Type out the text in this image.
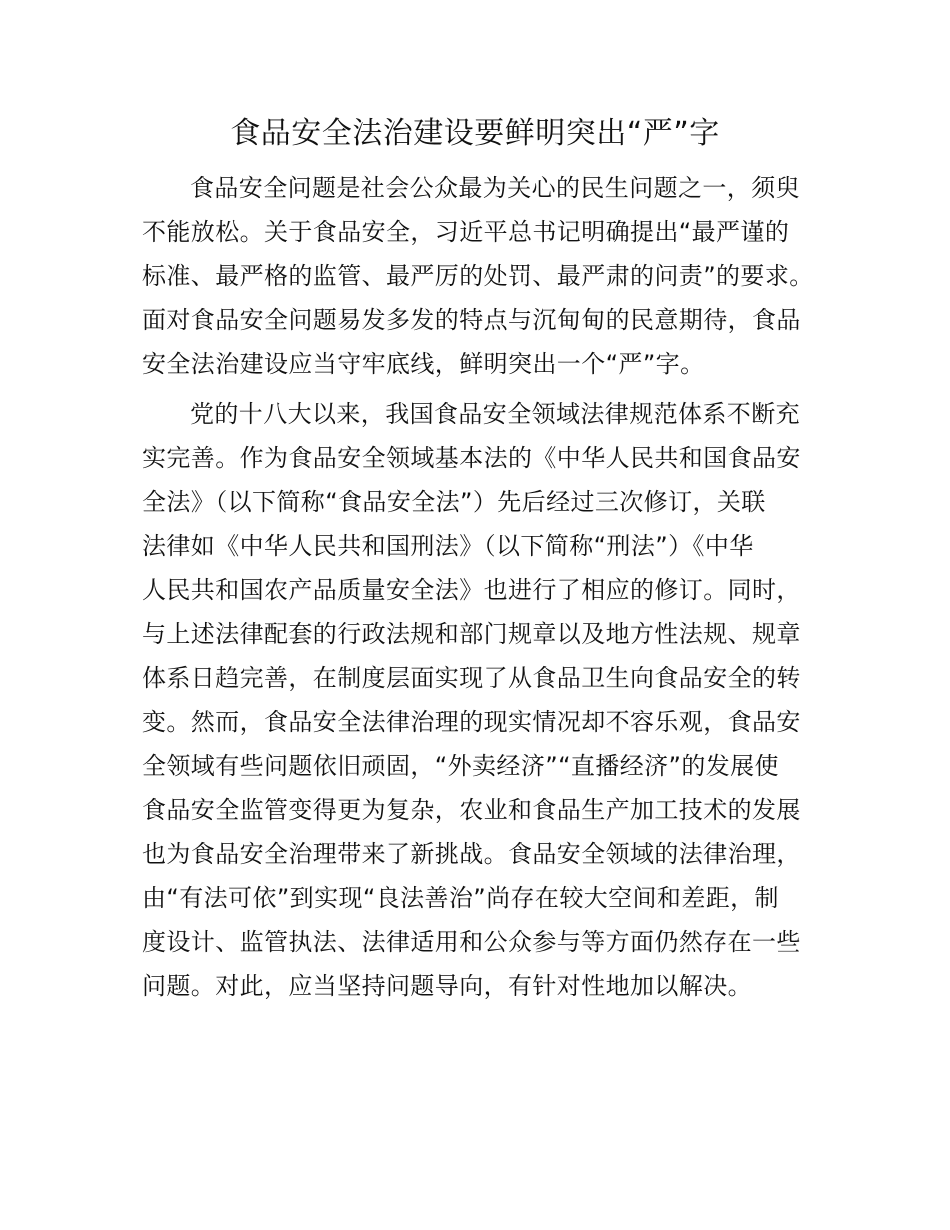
食品安全法治建设要鲜明突出“严”字
食品安全问题是社会公众最为关心的民生问题之一，须臾
不能放松。关于食品安全，习近平总书记明确提出“最严谨的
标准、最严格的监管、最严厉的处罚、最严肃的问责”的要求。
面对食品安全问题易发多发的特点与沉甸甸的民意期待，食品
安全法治建设应当守牢底线，鲜明突出一个“严”字。
党的十八大以来，我国食品安全领域法律规范体系不断充
实完善。作为食品安全领域基本法的《中华人民共和国食品安
全法》（以下简称“食品安全法”）先后经过三次修订，关联
法律如《中华人民共和国刑法》（以下简称“刑法”）《中华
人民共和国农产品质量安全法》也进行了相应的修订。同时，
与上述法律配套的行政法规和部门规章以及地方性法规、规章
体系日趋完善，在制度层面实现了从食品卫生向食品安全的转
变。然而，食品安全法律治理的现实情况却不容乐观，食品安
全领域有些问题依旧顽固，“外卖经济”“直播经济”的发展使
食品安全监管变得更为复杂，农业和食品生产加工技术的发展
也为食品安全治理带来了新挑战。食品安全领域的法律治理，
由“有法可依”到实现“良法善治”尚存在较大空间和差距，制
度设计、监管执法、法律适用和公众参与等方面仍然存在一些
问题。对此，应当坚持问题导向，有针对性地加以解决。
